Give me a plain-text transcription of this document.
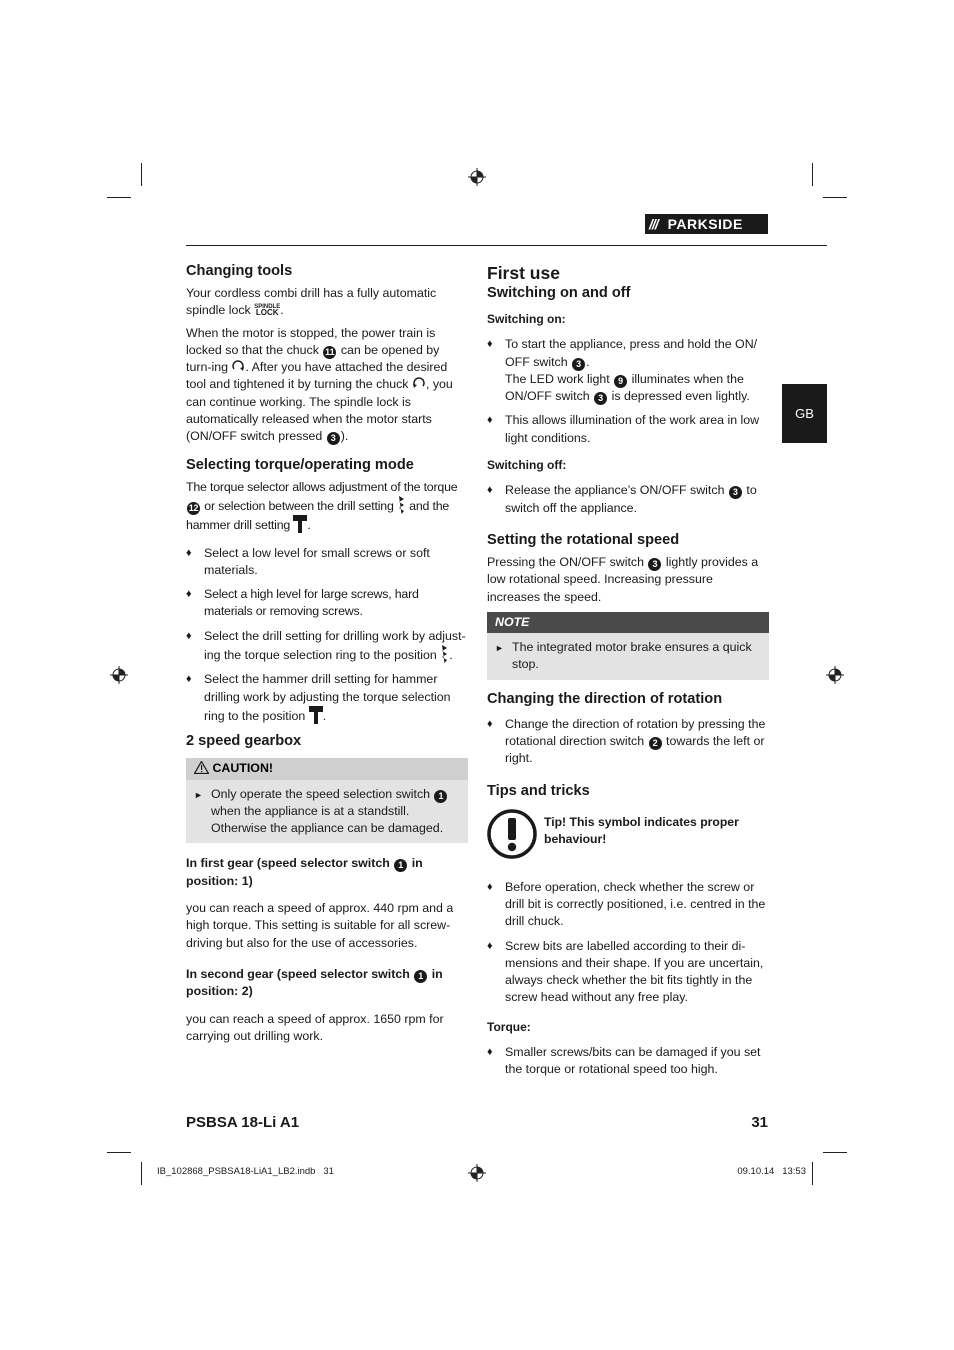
/// PARKSIDE
GB
Changing tools

Your cordless combi drill has a fully automatic spindle lock SPINDLE
LOCK .

When the motor is stopped, the power train is locked so that the chuck 11 can be opened by turn-ing . After you have attached the desired tool and tightened it by turning the chuck , you can continue working. The spindle lock is automatically released when the motor starts (ON/OFF switch pressed 3 ).

Selecting torque/operating mode

The torque selector allows adjustment of the torque 12 or selection between the drill setting and the hammer drill setting .

♦ Select a low level for small screws or soft materials.
♦ Select a high level for large screws, hard materials or removing screws.
♦ Select the drill setting for drilling work by adjust-ing the torque selection ring to the position .
♦ Select the hammer drill setting for hammer drilling work by adjusting the torque selection ring to the position .
2 speed gearbox
CAUTION!
► Only operate the speed selection switch 1 when the appliance is at a standstill. Otherwise the appliance can be damaged.

In first gear (speed selector switch 1 in position: 1)

you can reach a speed of approx. 440 rpm and a high torque. This setting is suitable for all screw-driving but also for the use of accessories.

In second gear (speed selector switch 1 in position: 2)

you can reach a speed of approx. 1650 rpm for carrying out drilling work.

First use
Switching on and off

Switching on:

♦ To start the appliance, press and hold the ON/ OFF switch 3 .
The LED work light 9 illuminates when the ON/OFF switch 3 is depressed even lightly.
♦ This allows illumination of the work area in low light conditions.

Switching off:

♦ Release the appliance’s ON/OFF switch 3 to switch off the appliance.
Setting the rotational speed

Pressing the ON/OFF switch 3 lightly provides a low rotational speed. Increasing pressure increases the speed.

NOTE
► The integrated motor brake ensures a quick stop.
Changing the direction of rotation
♦ Change the direction of rotation by pressing the rotational direction switch 2 towards the left or right.
Tips and tricks
Tip! This symbol indicates proper behaviour!
♦ Before operation, check whether the screw or drill bit is correctly positioned, i.e. centred in the drill chuck.
♦ Screw bits are labelled according to their di-mensions and their shape. If you are uncertain, always check whether the bit fits tightly in the screw head without any free play.

Torque:

♦ Smaller screws/bits can be damaged if you set the torque or rotational speed too high.
PSBSA 18-Li A1	31
IB_102868_PSBSA18-LiA1_LB2.indb   31	09.10.14   13:53
